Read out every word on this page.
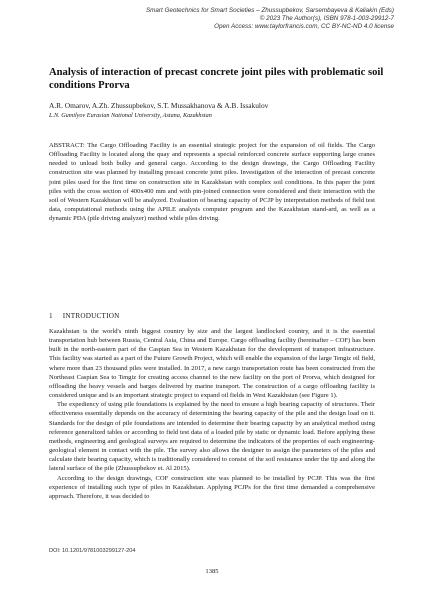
Smart Geotechnics for Smart Societies – Zhussupbekov, Sarsembayeva & Kaliakin (Eds)
© 2023 The Author(s), ISBN 978-1-003-29912-7
Open Access: www.taylorfrancis.com, CC BY-NC-ND 4.0 license
Analysis of interaction of precast concrete joint piles with problematic soil conditions Prorva
A.R. Omarov, A.Zh. Zhussupbekov, S.T. Mussakhanova & A.B. Issakulov
L.N. Gumilyov Eurasian National University, Astana, Kazakhstan

ABSTRACT: The Cargo Offloading Facility is an essential strategic project for the expansion of oil fields. The Cargo Offloading Facility is located along the quay and represents a special reinforced concrete surface supporting large cranes needed to unload both bulky and general cargo. According to the design drawings, the Cargo Offloading Facility construction site was planned by installing precast concrete joint piles. Investigation of the interaction of precast concrete joint piles used for the first time on construction site in Kazakhstan with complex soil conditions. In this paper the joint piles with the cross section of 400x400 mm and with pin-joined connection were considered and their interaction with the soil of Western Kazakhstan will be analyzed. Evaluation of bearing capacity of PCJP by interpretation methods of field test data, computational methods using the APILE analysis computer program and the Kazakhstan stand-ard, as well as a dynamic PDA (pile driving analyzer) method while piles driving.

1 INTRODUCTION

Kazakhstan is the world's ninth biggest country by size and the largest landlocked country, and it is the essential transportation hub between Russia, Central Asia, China and Europe. Cargo offloading facility (hereinafter – COF) has been built in the north-eastern part of the Caspian Sea in Western Kazakhstan for the development of transport infrastructure. This facility was started as a part of the Future Growth Project, which will enable the expansion of the large Tengiz oil field, where more than 23 thousand piles were installed. In 2017, a new cargo transportation route has been constructed from the Northeast Caspian Sea to Tengiz for creating access channel to the new facility on the port of Prorva, which designed for offloading the heavy vessels and barges delivered by marine transport. The construction of a cargo offloading facility is considered unique and is an important strategic project to expand oil fields in West Kazakhstan (see Figure 1).

The expediency of using pile foundations is explained by the need to ensure a high bearing capacity of structures. Their effectiveness essentially depends on the accuracy of determining the bearing capacity of the pile and the design load on it. Standards for the design of pile foundations are intended to determine their bearing capacity by an analytical method using reference generalized tables or according to field test data of a loaded pile by static or dynamic load. Before applying these methods, engineering and geological surveys are required to determine the indicators of the properties of each engineering-geological element in contact with the pile. The survey also allows the designer to assign the parameters of the piles and calculate their bearing capacity, which is traditionally considered to consist of the soil resistance under the tip and along the lateral surface of the pile (Zhussupbekov et. Al 2015).

According to the design drawings, COF construction site was planned to be installed by PCJP. This was the first experience of installing such type of piles in Kazakhstan. Applying PCJPs for the first time demanded a comprehensive approach. Therefore, it was decided to

DOI: 10.1201/9781003299127-204
1385
